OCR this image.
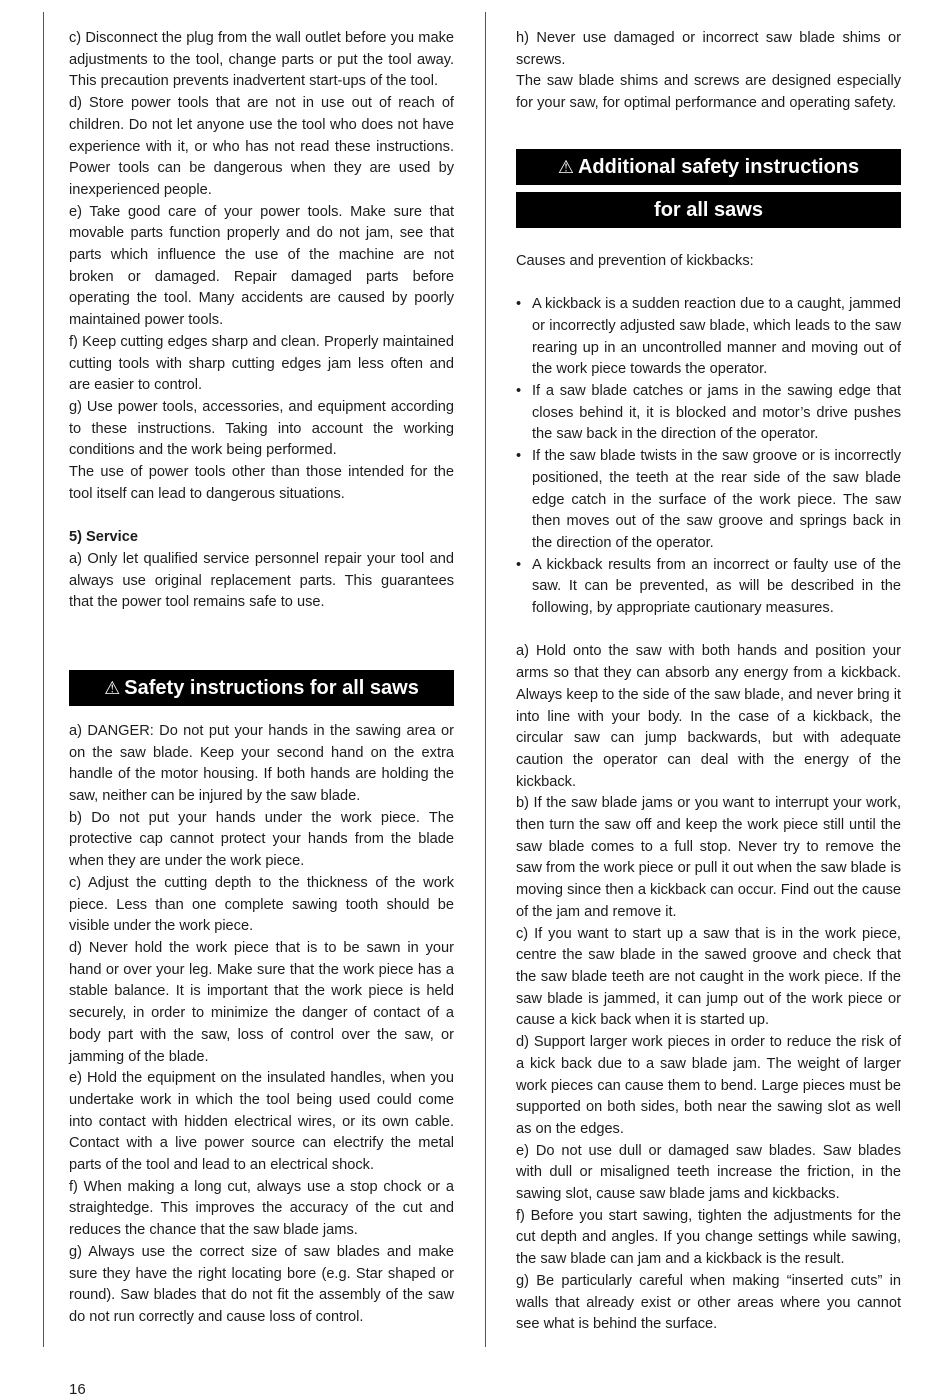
c) Disconnect the plug from the wall outlet before you make adjustments to the tool, change parts or put the tool away. This precaution prevents inadvertent start-ups of the tool.

d) Store power tools that are not in use out of reach of children. Do not let anyone use the tool who does not have experience with it, or who has not read these instructions. Power tools can be dangerous when they are used by inexperienced people.

e) Take good care of your power tools. Make sure that movable parts function properly and do not jam, see that parts which influence the use of the machine are not broken or damaged. Repair damaged parts before operating the tool. Many accidents are caused by poorly maintained power tools.

f) Keep cutting edges sharp and clean. Properly maintained cutting tools with sharp cutting edges jam less often and are easier to control.

g) Use power tools, accessories, and equipment according to these instructions. Taking into account the working conditions and the work being performed.

The use of power tools other than those intended for the tool itself can lead to dangerous situations.

5) Service

a) Only let qualified service personnel repair your tool and always use original replacement parts. This guarantees that the power tool remains safe to use.

⚠ Safety instructions for all saws

a) DANGER: Do not put your hands in the sawing area or on the saw blade. Keep your second hand on the extra handle of the motor housing. If both hands are holding the saw, neither can be injured by the saw blade.

b) Do not put your hands under the work piece. The protective cap cannot protect your hands from the blade when they are under the work piece.

c) Adjust the cutting depth to the thickness of the work piece. Less than one complete sawing tooth should be visible under the work piece.

d) Never hold the work piece that is to be sawn in your hand or over your leg. Make sure that the work piece has a stable balance. It is important that the work piece is held securely, in order to minimize the danger of contact of a body part with the saw, loss of control over the saw, or jamming of the blade.

e) Hold the equipment on the insulated handles, when you undertake work in which the tool being used could come into contact with hidden electrical wires, or its own cable. Contact with a live power source can electrify the metal parts of the tool and lead to an electrical shock.

f) When making a long cut, always use a stop chock or a straightedge. This improves the accuracy of the cut and reduces the chance that the saw blade jams.

g) Always use the correct size of saw blades and make sure they have the right locating bore (e.g. Star shaped or round). Saw blades that do not fit the assembly of the saw do not run correctly and cause loss of control.

h) Never use damaged or incorrect saw blade shims or screws.

The saw blade shims and screws are designed especially for your saw, for optimal performance and operating safety.

⚠ Additional safety instructions
for all saws

Causes and prevention of kickbacks:

• A kickback is a sudden reaction due to a caught, jammed or incorrectly adjusted saw blade, which leads to the saw rearing up in an uncontrolled manner and moving out of the work piece towards the operator.
• If a saw blade catches or jams in the sawing edge that closes behind it, it is blocked and motor’s drive pushes the saw back in the direction of the operator.
• If the saw blade twists in the saw groove or is incorrectly positioned, the teeth at the rear side of the saw blade edge catch in the surface of the work piece. The saw then moves out of the saw groove and springs back in the direction of the operator.
• A kickback results from an incorrect or faulty use of the saw. It can be prevented, as will be described in the following, by appropriate cautionary measures.

a) Hold onto the saw with both hands and position your arms so that they can absorb any energy from a kickback. Always keep to the side of the saw blade, and never bring it into line with your body. In the case of a kickback, the circular saw can jump backwards, but with adequate caution the operator can deal with the energy of the kickback.

b) If the saw blade jams or you want to interrupt your work, then turn the saw off and keep the work piece still until the saw blade comes to a full stop. Never try to remove the saw from the work piece or pull it out when the saw blade is moving since then a kickback can occur. Find out the cause of the jam and remove it.

c) If you want to start up a saw that is in the work piece, centre the saw blade in the sawed groove and check that the saw blade teeth are not caught in the work piece. If the saw blade is jammed, it can jump out of the work piece or cause a kick back when it is started up.

d) Support larger work pieces in order to reduce the risk of a kick back due to a saw blade jam. The weight of larger work pieces can cause them to bend. Large pieces must be supported on both sides, both near the sawing slot as well as on the edges.

e) Do not use dull or damaged saw blades. Saw blades with dull or misaligned teeth increase the friction, in the sawing slot, cause saw blade jams and kickbacks.

f) Before you start sawing, tighten the adjustments for the cut depth and angles. If you change settings while sawing, the saw blade can jam and a kickback is the result.

g) Be particularly careful when making “inserted cuts” in walls that already exist or other areas where you cannot see what is behind the surface.

16
